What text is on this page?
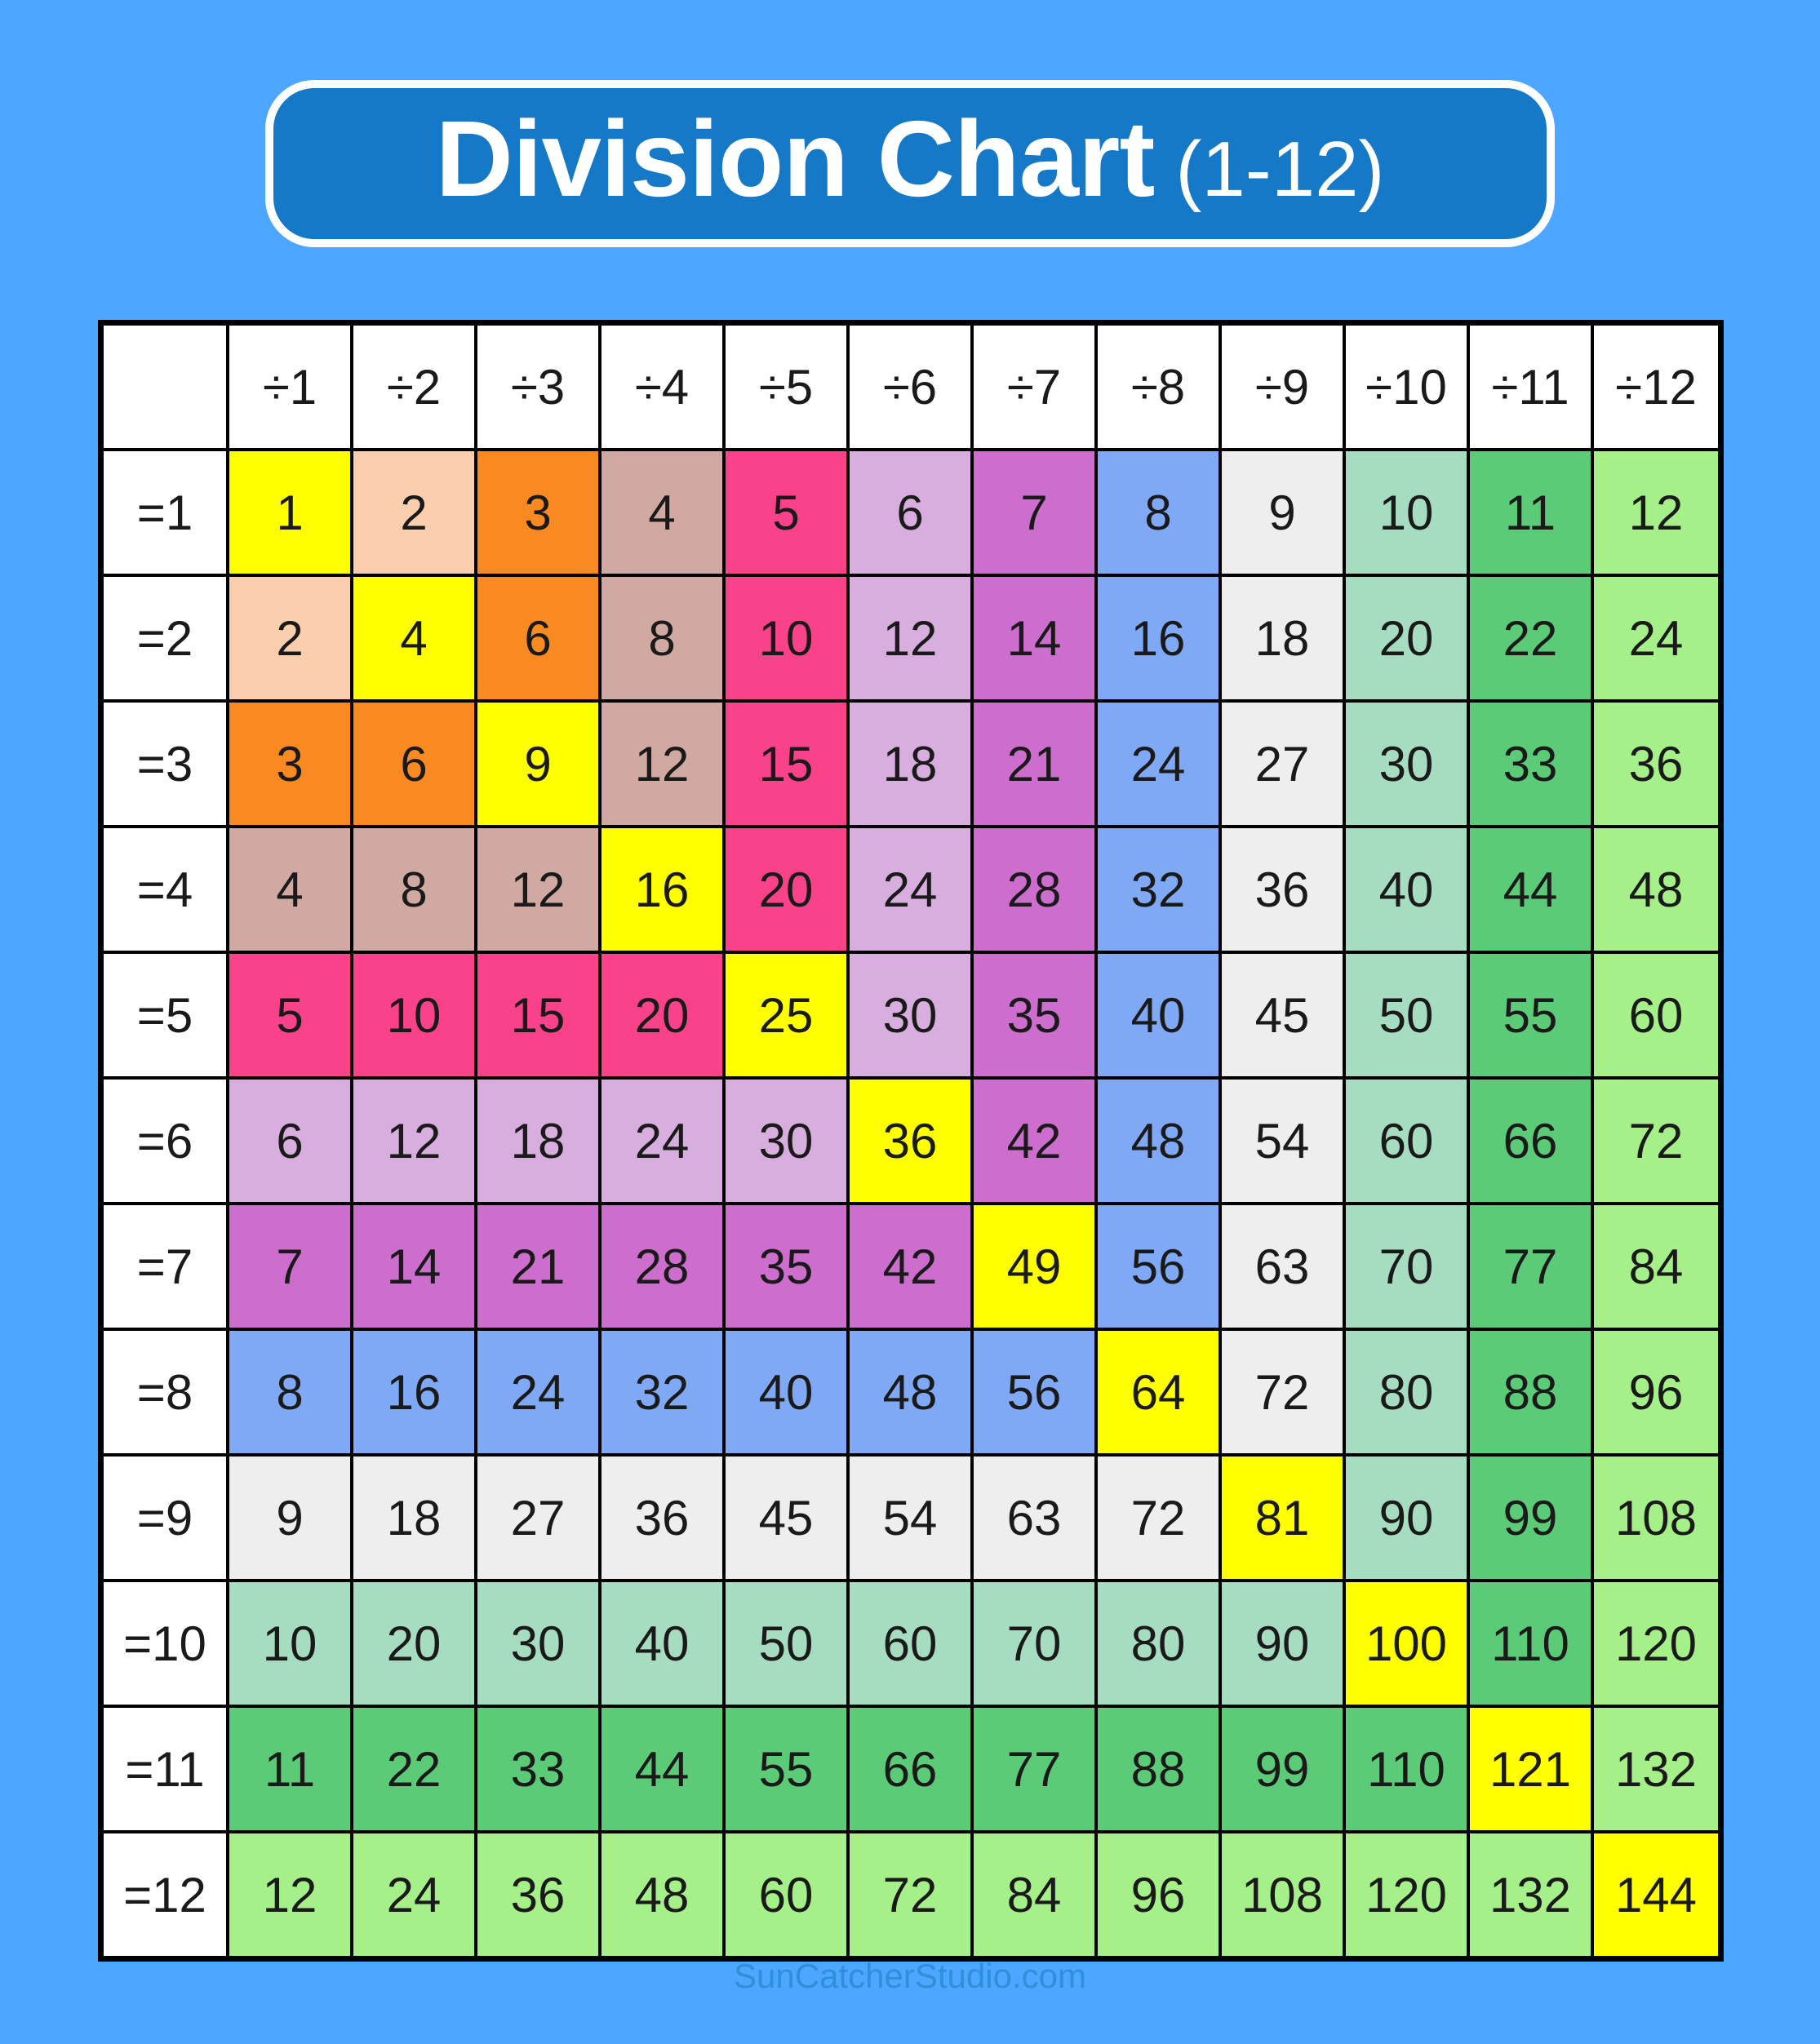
Division Chart (1-12)
	÷1	÷2	÷3	÷4	÷5	÷6	÷7	÷8	÷9	÷10	÷11	÷12
=1	1	2	3	4	5	6	7	8	9	10	11	12
=2	2	4	6	8	10	12	14	16	18	20	22	24
=3	3	6	9	12	15	18	21	24	27	30	33	36
=4	4	8	12	16	20	24	28	32	36	40	44	48
=5	5	10	15	20	25	30	35	40	45	50	55	60
=6	6	12	18	24	30	36	42	48	54	60	66	72
=7	7	14	21	28	35	42	49	56	63	70	77	84
=8	8	16	24	32	40	48	56	64	72	80	88	96
=9	9	18	27	36	45	54	63	72	81	90	99	108
=10	10	20	30	40	50	60	70	80	90	100	110	120
=11	11	22	33	44	55	66	77	88	99	110	121	132
=12	12	24	36	48	60	72	84	96	108	120	132	144
SunCatcherStudio.com
